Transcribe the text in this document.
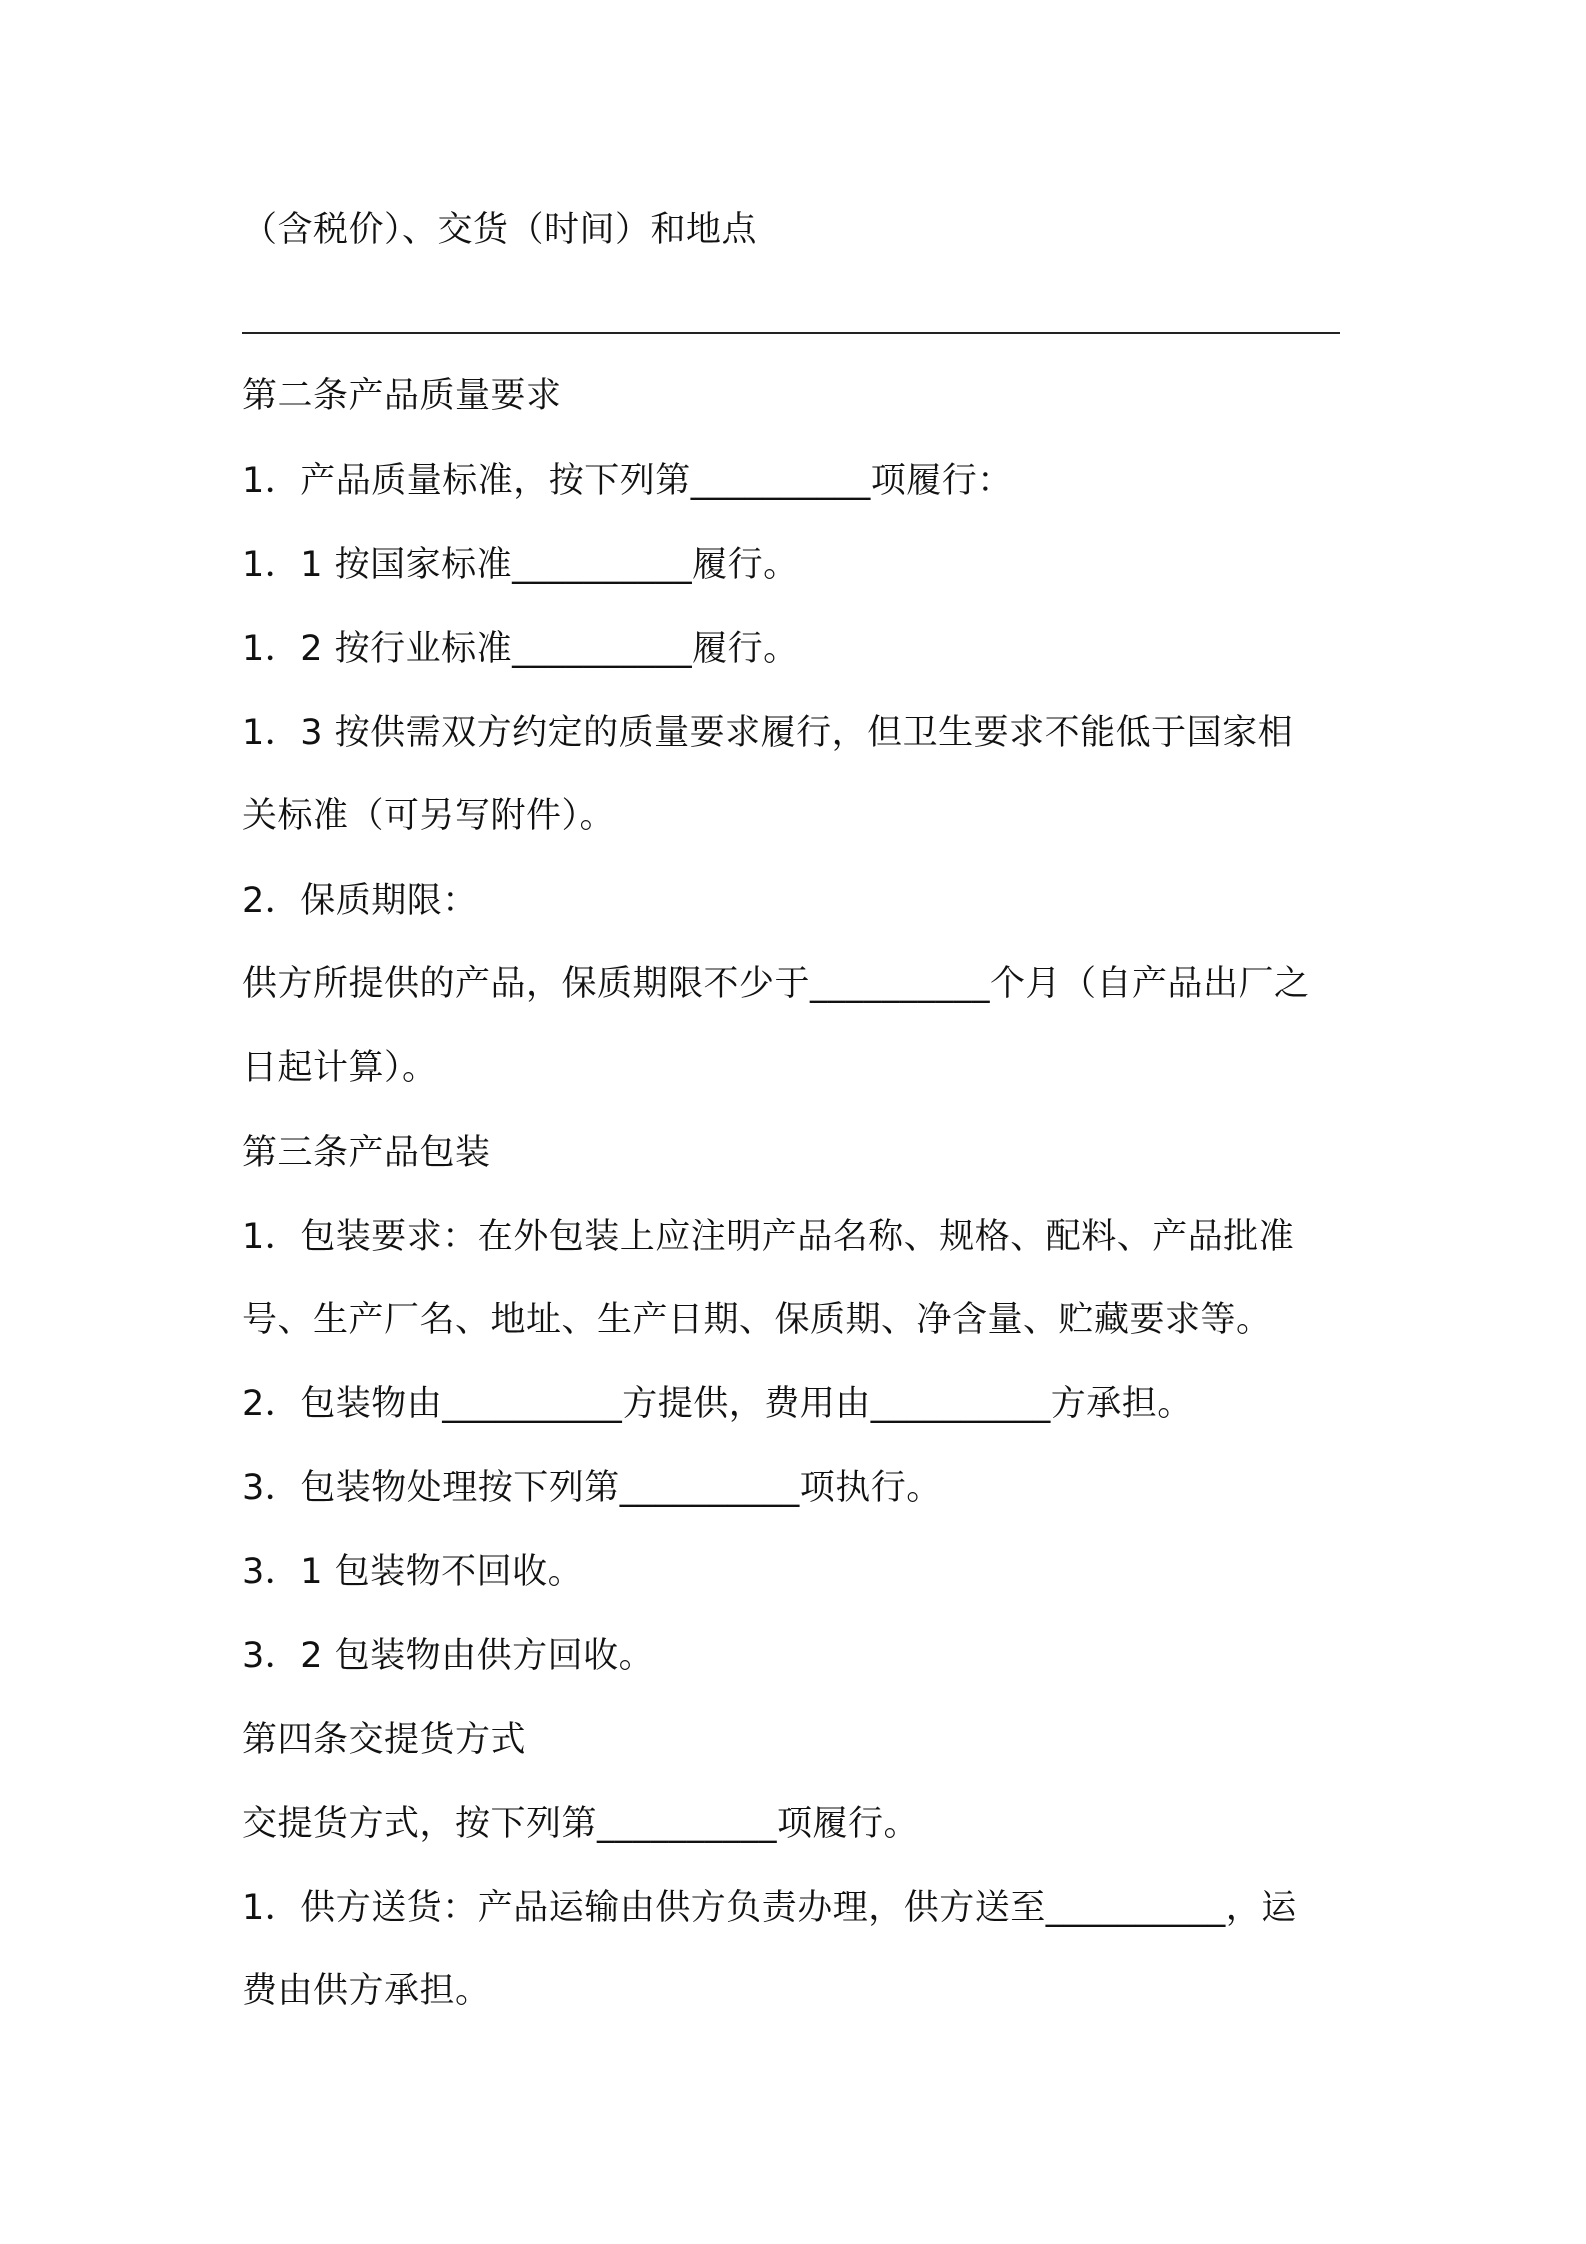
（含税价）、交货（时间）和地点
第二条产品质量要求
1．产品质量标准，按下列第__________项履行：
1．1 按国家标准__________履行。
1．2 按行业标准__________履行。
1．3 按供需双方约定的质量要求履行，但卫生要求不能低于国家相
关标准（可另写附件）。
2．保质期限：
供方所提供的产品，保质期限不少于__________个月（自产品出厂之
日起计算）。
第三条产品包装
1．包装要求：在外包装上应注明产品名称、规格、配料、产品批准
号、生产厂名、地址、生产日期、保质期、净含量、贮藏要求等。
2．包装物由__________方提供，费用由__________方承担。
3．包装物处理按下列第__________项执行。
3．1 包装物不回收。
3．2 包装物由供方回收。
第四条交提货方式
交提货方式，按下列第__________项履行。
1．供方送货：产品运输由供方负责办理，供方送至__________，运
费由供方承担。
